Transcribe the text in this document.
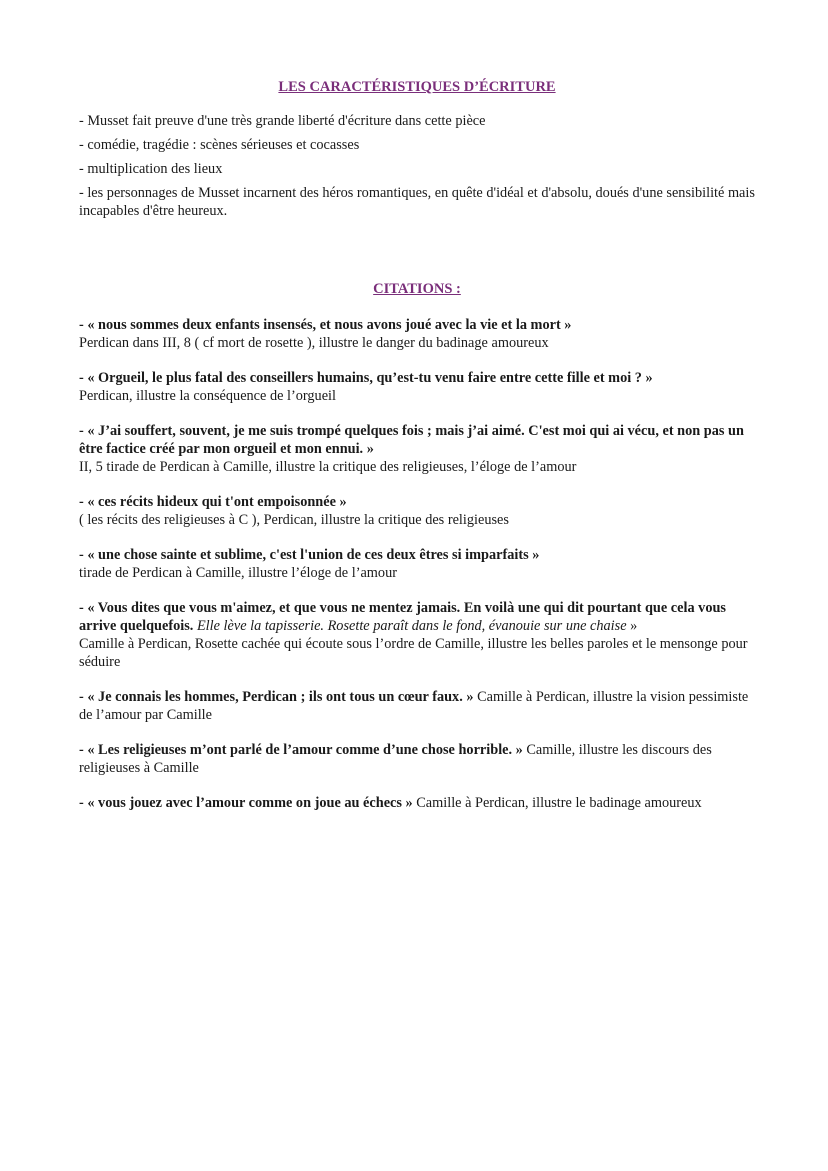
LES CARACTÉRISTIQUES D’ÉCRITURE

- Musset fait preuve d'une très grande liberté d'écriture dans cette pièce
- comédie, tragédie : scènes sérieuses et cocasses
- multiplication des lieux
- les personnages de Musset incarnent des héros romantiques, en quête d'idéal et d'absolu, doués d'une sensibilité mais incapables d'être heureux.

CITATIONS :

- « nous sommes deux enfants insensés, et nous avons joué avec la vie et la mort »
Perdican dans III, 8 ( cf mort de rosette ), illustre le danger du badinage amoureux
- « Orgueil, le plus fatal des conseillers humains, qu’est-tu venu faire entre cette fille et moi ? »
Perdican, illustre la conséquence de l’orgueil
- « J’ai souffert, souvent, je me suis trompé quelques fois ; mais j’ai aimé. C'est moi qui ai vécu, et non pas un être factice créé par mon orgueil et mon ennui. »
II, 5 tirade de Perdican à Camille, illustre la critique des religieuses, l’éloge de l’amour
- « ces récits hideux qui t'ont empoisonnée »
( les récits des religieuses à C ), Perdican, illustre la critique des religieuses
- « une chose sainte et sublime, c'est l'union de ces deux êtres si imparfaits »
tirade de Perdican à Camille, illustre l’éloge de l’amour
- « Vous dites que vous m'aimez, et que vous ne mentez jamais. En voilà une qui dit pourtant que cela vous arrive quelquefois. Elle lève la tapisserie. Rosette paraît dans le fond, évanouie sur une chaise »
Camille à Perdican, Rosette cachée qui écoute sous l’ordre de Camille, illustre les belles paroles et le mensonge pour séduire
- « Je connais les hommes, Perdican ; ils ont tous un cœur faux. » Camille à Perdican, illustre la vision pessimiste de l’amour par Camille
- « Les religieuses m’ont parlé de l’amour comme d’une chose horrible. » Camille, illustre les discours des religieuses à Camille
- « vous jouez avec l’amour comme on joue au échecs » Camille à Perdican, illustre le badinage amoureux
